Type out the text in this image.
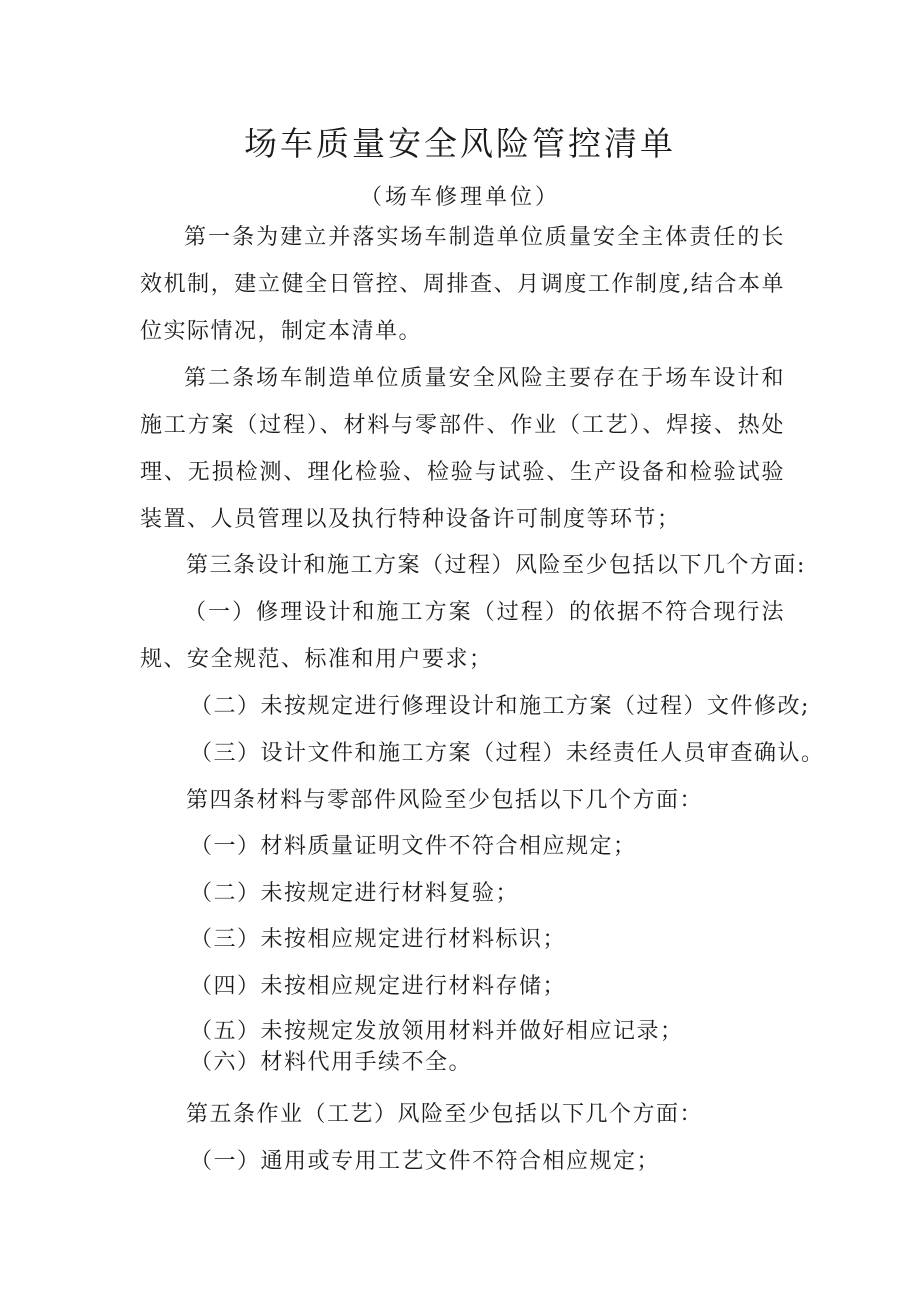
场车质量安全风险管控清单
（场车修理单位）

第一条为建立并落实场车制造单位质量安全主体责任的长效机制，建立健全日管控、周排查、月调度工作制度,结合本单位实际情况，制定本清单。

第二条场车制造单位质量安全风险主要存在于场车设计和施工方案（过程）、材料与零部件、作业（工艺）、焊接、热处理、无损检测、理化检验、检验与试验、生产设备和检验试验装置、人员管理以及执行特种设备许可制度等环节；

第三条设计和施工方案（过程）风险至少包括以下几个方面:

（一）修理设计和施工方案（过程）的依据不符合现行法规、安全规范、标准和用户要求；

（二）未按规定进行修理设计和施工方案（过程）文件修改;

（三）设计文件和施工方案（过程）未经责任人员审查确认。

第四条材料与零部件风险至少包括以下几个方面：

（一）材料质量证明文件不符合相应规定；

（二）未按规定进行材料复验；

（三）未按相应规定进行材料标识；

（四）未按相应规定进行材料存储；

（五）未按规定发放领用材料并做好相应记录；

（六）材料代用手续不全。

第五条作业（工艺）风险至少包括以下几个方面：

（一）通用或专用工艺文件不符合相应规定；
